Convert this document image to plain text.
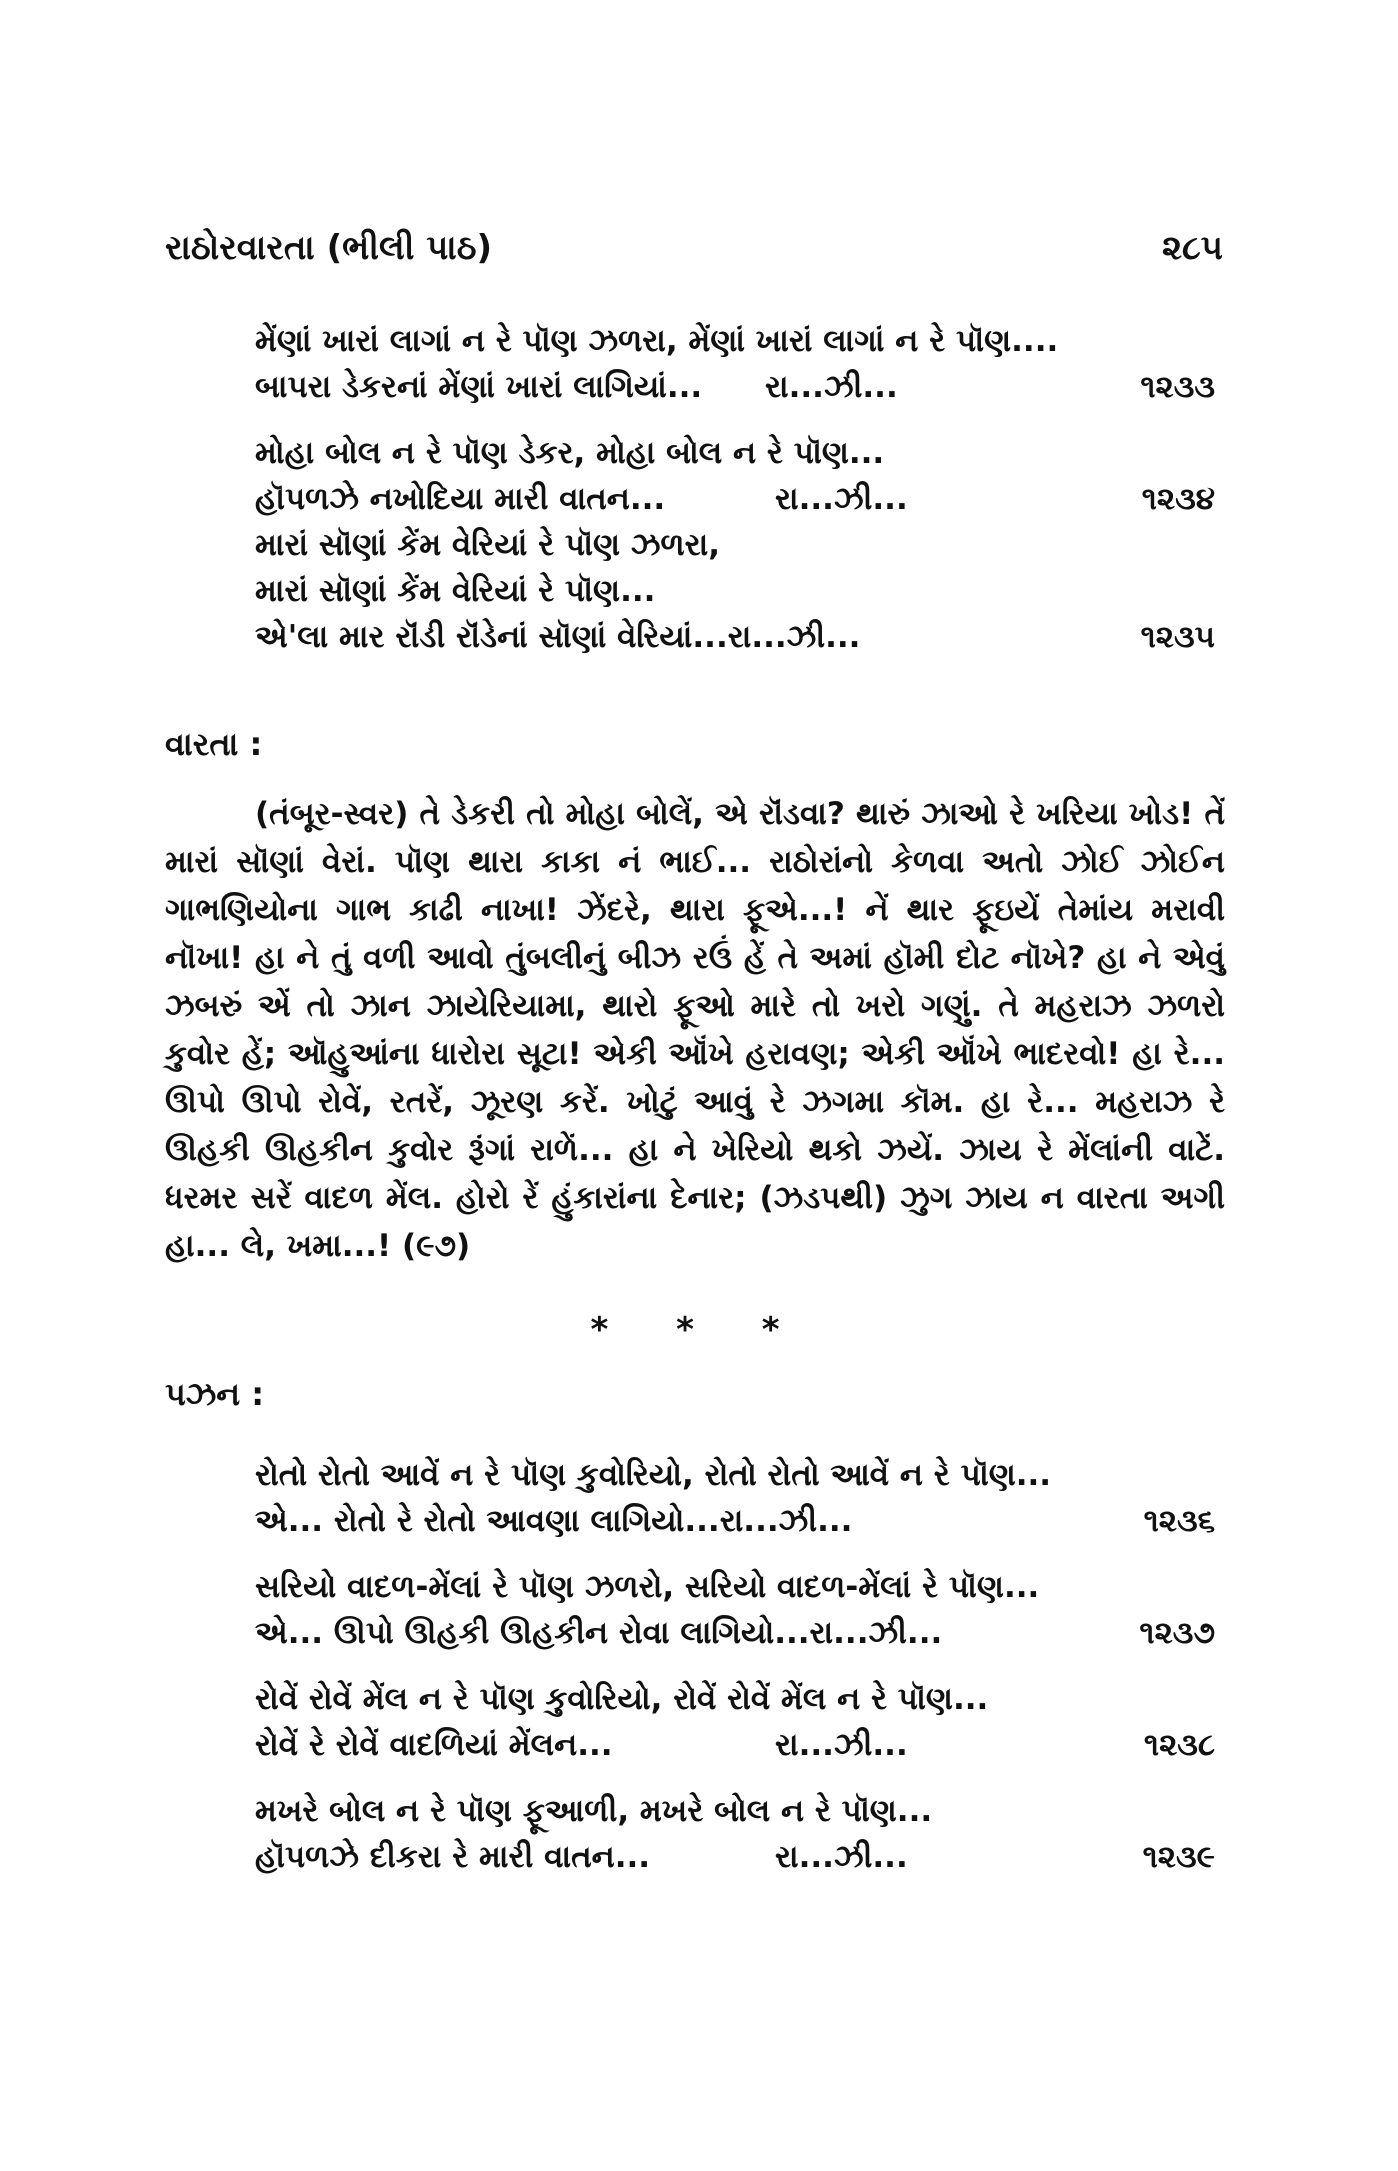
રાઠોરવારતા (ભીલી પાઠ)	૨૮૫
મેંણાં ખારાં લાગાં ન રે પૉણ ઝળરા, મેંણાં ખારાં લાગાં ન રે પૉણ....
બાપરા ડેકરનાં મેંણાં ખારાં લાગિયાં... રા...ઝી...	૧૨૩૩
મોહા બોલ ન રે પૉણ ડેકર, મોહા બોલ ન રે પૉણ...
હૉપળઝે નખોદિયા મારી વાતન...	રા...ઝી...	૧૨૩૪
મારાં સૉણાં કેંમ વેરિયાં રે પૉણ ઝળરા,
મારાં સૉણાં કેંમ વેરિયાં રે પૉણ...
એ'લા માર રૉંડી રૉંડેનાં સૉણાં વેરિયાં...રા...ઝી...	૧૨૩૫
વારતા :
(તંબૂર-સ્વર) તે ડેકરી તો મોહા બોલેં, એ રૉંડવા? થારું ઝાઓ રે ખરિયા ખોડ! તેં મારાં સૉણાં વેરાં. પૉણ થારા કાકા નં ભાઈ... રાઠોરાંનો કેળવા અતો ઝોઈ ઝોઈન ગાભણિયોના ગાભ કાઢી નાખા! ઝેંદરે, થારા ફૂએ...! નેં થાર ફૂઇયેં તેમાંય મરાવી નૉખા! હા ને તું વળી આવો તુંબલીનું બીઝ રઉં હેં તે અમાં હૉમી દોટ નૉખે? હા ને એવું ઝબરું એં તો ઝાન ઝાયેરિયામા, થારો ફૂઓ મારે તો ખરો ગણું. તે મહરાઝ ઝળરો કુવોર હેં; ઑહુઆંના ધારોરા સૂટા! એકી ઑંખે હરાવણ; એકી ઑંખે ભાદરવો! હા રે... ઊપો ઊપો રોવેં, રતરેં, ઝૂરણ કરેં. ખોટું આવું રે ઝગમા કૉમ. હા રે... મહરાઝ રે ઊહકી ઊહકીન કુવોર રૂંગાં રાળેં... હા ને ખેરિયો થકો ઝયેં. ઝાય રે મેંલાંની વાટેં. ધરમર સરેં વાદળ મેંલ. હોરો રેં હુંકારાંના દેનાર; (ઝડપથી) ઝુગ ઝાય ન વારતા અગી હા... લે, ખમા...! (૯૭)
* * *
પઝન :
રોતો રોતો આવેં ન રે પૉણ કુવોરિયો, રોતો રોતો આવેં ન રે પૉણ...
એ... રોતો રે રોતો આવણા લાગિયો...રા...ઝી...	૧૨૩૬
સરિયો વાદળ-મેંલાં રે પૉણ ઝળરો, સરિયો વાદળ-મેંલાં રે પૉણ...
એ... ઊપો ઊહકી ઊહકીન રોવા લાગિયો...રા...ઝી...	૧૨૩૭
રોવેં રોવેં મેંલ ન રે પૉણ કુવોરિયો, રોવેં રોવેં મેંલ ન રે પૉણ...
રોવેં રે રોવેં વાદળિયાં મેંલન...	રા...ઝી...	૧૨૩૮
મખરે બોલ ન રે પૉણ ફૂઆળી, મખરે બોલ ન રે પૉણ...
હૉપળઝે દીકરા રે મારી વાતન...	રા...ઝી...	૧૨૩૯
